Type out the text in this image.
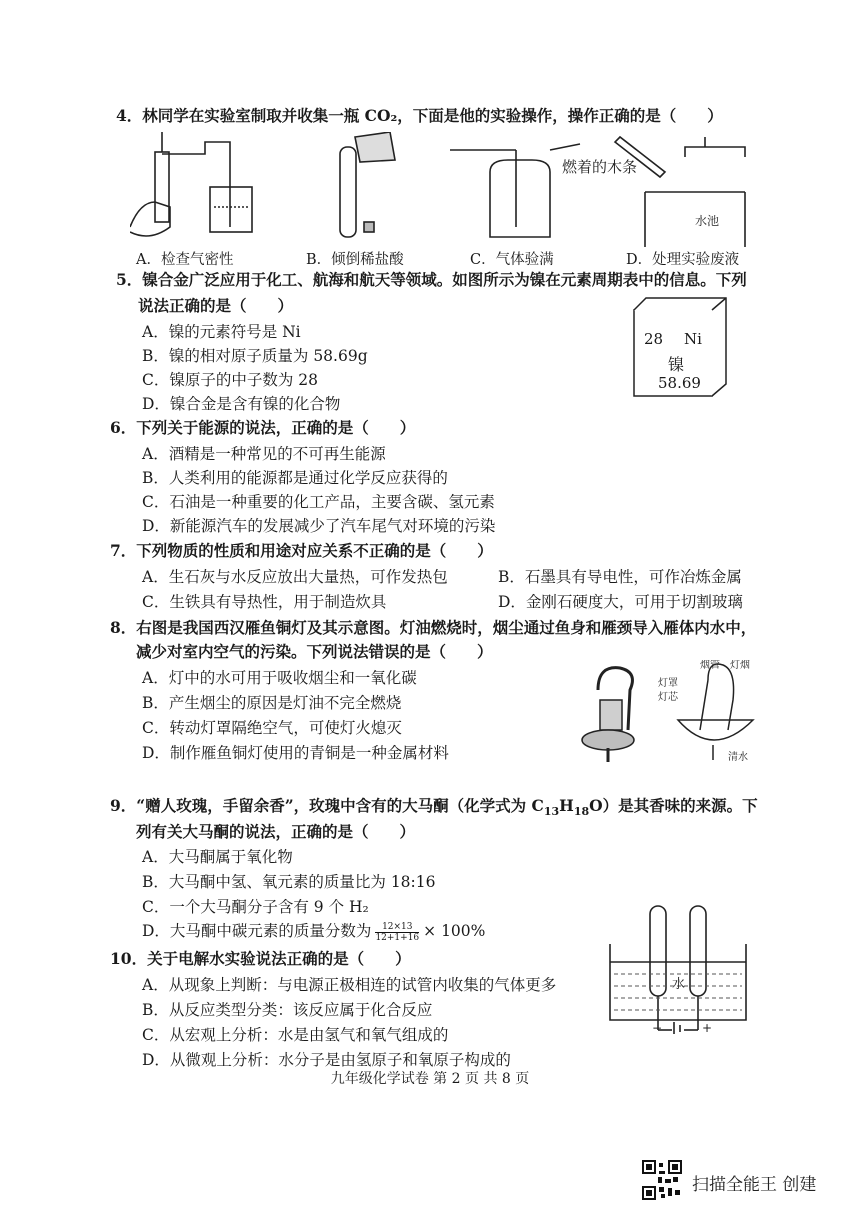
4．林同学在实验室制取并收集一瓶 CO₂，下面是他的实验操作，操作正确的是（　　）
燃着的木条
水池
A．检查气密性	B．倾倒稀盐酸	C．气体验满	D．处理实验废液
5．镍合金广泛应用于化工、航海和航天等领域。如图所示为镍在元素周期表中的信息。下列
说法正确的是（　　）
A．镍的元素符号是 Ni
B．镍的相对原子质量为 58.69g
C．镍原子的中子数为 28
D．镍合金是含有镍的化合物
28 Ni
镍
58.69
6．下列关于能源的说法，正确的是（　　）
A．酒精是一种常见的不可再生能源
B．人类利用的能源都是通过化学反应获得的
C．石油是一种重要的化工产品，主要含碳、氢元素
D．新能源汽车的发展减少了汽车尾气对环境的污染
7．下列物质的性质和用途对应关系不正确的是（　　）
A．生石灰与水反应放出大量热，可作发热包	B．石墨具有导电性，可作冶炼金属
C．生铁具有导热性，用于制造炊具	D．金刚石硬度大，可用于切割玻璃
8．右图是我国西汉雁鱼铜灯及其示意图。灯油燃烧时，烟尘通过鱼身和雁颈导入雁体内水中，
减少对室内空气的污染。下列说法错误的是（　　）
A．灯中的水可用于吸收烟尘和一氧化碳
B．产生烟尘的原因是灯油不完全燃烧
C．转动灯罩隔绝空气，可使灯火熄灭
D．制作雁鱼铜灯使用的青铜是一种金属材料
烟管 灯烟
灯罩
灯芯
清水
9．“赠人玫瑰，手留余香”，玫瑰中含有的大马酮（化学式为 $C_{13}H_{18}O$）是其香味的来源。下
列有关大马酮的说法，正确的是（　　）
A．大马酮属于氧化物
B．大马酮中氢、氧元素的质量比为 18:16
C．一个大马酮分子含有 9 个 H₂
D．大马酮中碳元素的质量分数为 $\frac{12\times 13}{12+1+16} \times 100\%$
10．关于电解水实验说法正确的是（　　）
A．从现象上判断：与电源正极相连的试管内收集的气体更多
B．从反应类型分类：该反应属于化合反应
C．从宏观上分析：水是由氢气和氧气组成的
D．从微观上分析：水分子是由氢原子和氧原子构成的
水
−	+
九年级化学试卷 第 2 页 共 8 页
扫描全能王 创建
